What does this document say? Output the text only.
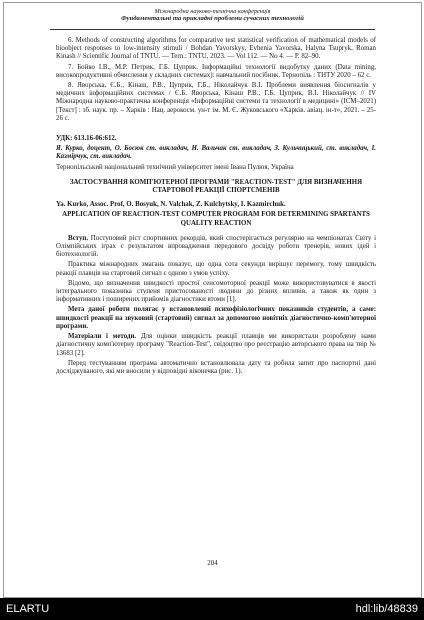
Міжнародна науково-технічна конференція
Фундаментальні та прикладні проблеми сучасних технологій

6. Methods of constructing algorithms for comparative test statistical verification of mathematical models of bioobject responses to low-intensity stimuli / Bohdan Yavorskyy, Evhenia Yavorska, Halyna Tsupryk, Roman Kinash // Scientific Journal of TNTU. — Tern.: TNTU, 2023. — Vol 112. — No 4. — P. 82–90.

7. Бойко І.В., М.Р. Петрик, Г.Б. Цуприк. Інформаційні технології видобутку даних (Data mining, високопродуктивні обчислення у складних системах): навчальний посібник. Тернопіль : ТНТУ 2020 – 62 с.

8. Яворська, Є.Б., Кінаш, Р.В., Цуприк, Г.Б., Ніколайчук В.І. Проблеми виявлення біосигналів у медичних інформаційних системах / Є.Б. Яворська, Кінаш Р.В., Г.Б. Цуприк, В.І. Ніколайчук // IV Міжнародна науково-практична конференція «Інформаційні системи та технології в медицині» (ICM–2021) [Текст] : зб. наук. пр. – Харків : Нац. аерокосм. ун-т ім. М. Є. Жуковського «Харків. авіац. ін-т», 2021. – 25-26 с.

УДК: 613.16-06:612.

Я. Курко, доцент, О. Босюк ст. викладач, Н. Вальчак ст. викладач, З. Кульчицький, ст. викладач, І. Казмірчук, ст. викладач.

Тернопільський національний технічний університет імені Івана Пулюя, Україна

ЗАСТОСУВАННЯ КОМП'ЮТЕРНОЇ ПРОГРАМИ "REACTION-TEST" ДЛЯ ВИЗНАЧЕННЯ СТАРТОВОЇ РЕАКЦІЇ СПОРТСМЕНІВ

Ya. Kurko, Assoc. Prof, O. Bosyuk, N. Valchak, Z. Kulchytsky, I. Kazmirchuk.

APPLICATION OF REACTION-TEST COMPUTER PROGRAM FOR DETERMINING SPARTANTS QUALITY REACTION

Вступ. Поступовий ріст спортивних рекордів, який спостерігається регулярно на чемпіонатах Світу і Олімпійських іграх є результатом впровадження передового досвіду роботи тренерів, нових ідей і біотехнологій.

Практика міжнародних змагань показує, що одна сота секунди вирішує перемогу, тому швидкість реакції плавців на стартовий сигнал є одною з умов успіху.

Відомо, що визначення швидкості простої сенсомоторної реакції може використовуватися в якості інтегрального показника ступеня пристосованості людини до різних впливів, а також як один з інформативних і поширених прийомів діагностики втоми [1].

Мета даної роботи полягає у встановленні психофізіологічних показників студентів, а саме: швидкості реакції на звуковий (стартовий) сигнал за допомогою новітніх діагностично-комп'ютерної програми.

Матеріали і методи. Для оцінки швидкість реакції плавців ми використали розроблену нами діагностичну комп'ютерну програму "Reaction-Test", свідоцтво про реєстрацію авторського права на твір № 13683 [2].

Перед тестуванням програма автоматично встановлювала дату та робила запит про паспортні дані досліджуваного, які ми вносили у відповідні віконечка (рис. 1).

204
ELARTU	hdl:lib/48839
